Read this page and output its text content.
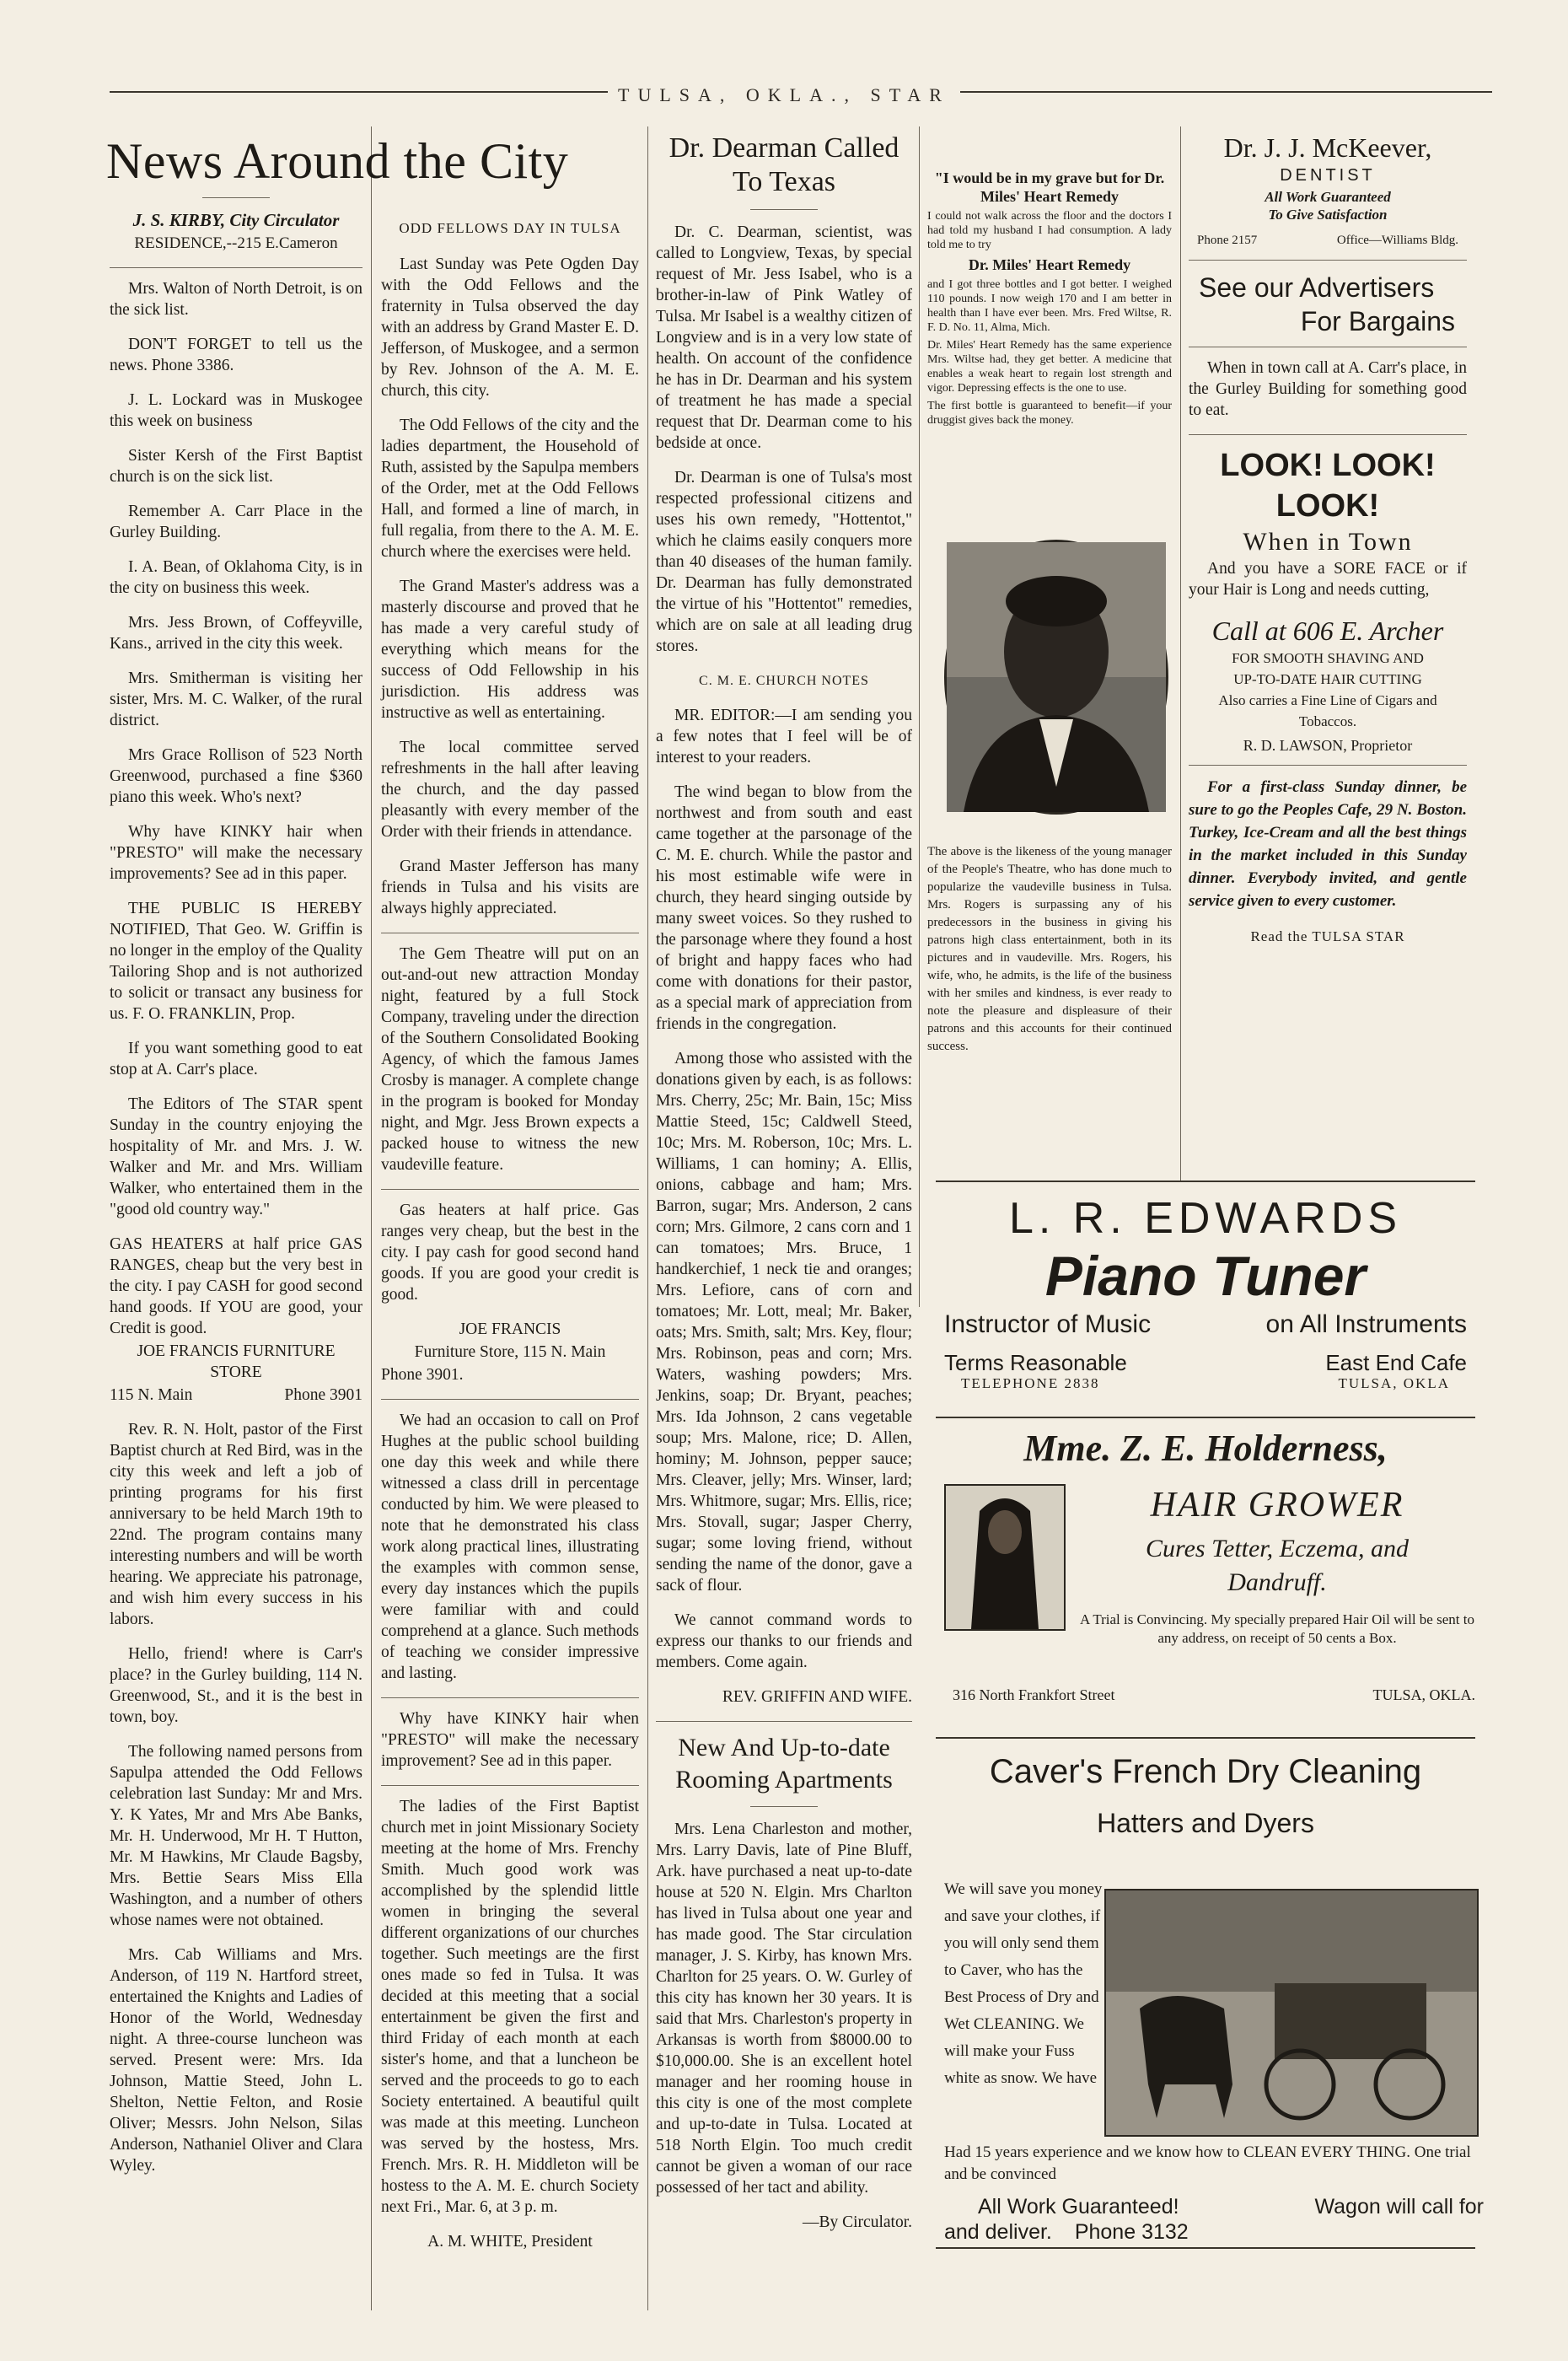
TULSA, OKLA., STAR
News Around the City

J. S. KIRBY, City Circulator

RESIDENCE,--215 E.Cameron

Mrs. Walton of North Detroit, is on the sick list.

DON'T FORGET to tell us the news. Phone 3386.

J. L. Lockard was in Muskogee this week on business

Sister Kersh of the First Baptist church is on the sick list.

Remember A. Carr Place in the Gurley Building.

I. A. Bean, of Oklahoma City, is in the city on business this week.

Mrs. Jess Brown, of Coffeyville, Kans., arrived in the city this week.

Mrs. Smitherman is visiting her sister, Mrs. M. C. Walker, of the rural district.

Mrs Grace Rollison of 523 North Greenwood, purchased a fine $360 piano this week. Who's next?

Why have KINKY hair when "PRESTO" will make the necessary improvements? See ad in this paper.

THE PUBLIC IS HEREBY NOTIFIED, That Geo. W. Griffin is no longer in the employ of the Quality Tailoring Shop and is not authorized to solicit or transact any business for us. F. O. FRANKLIN, Prop.

If you want something good to eat stop at A. Carr's place.

The Editors of The STAR spent Sunday in the country enjoying the hospitality of Mr. and Mrs. J. W. Walker and Mr. and Mrs. William Walker, who entertained them in the "good old country way."

GAS HEATERS at half price GAS RANGES, cheap but the very best in the city. I pay CASH for good second hand goods. If YOU are good, your Credit is good.

JOE FRANCIS FURNITURE STORE

115 N. Main	Phone 3901

Rev. R. N. Holt, pastor of the First Baptist church at Red Bird, was in the city this week and left a job of printing programs for his first anniversary to be held March 19th to 22nd. The program contains many interesting numbers and will be worth hearing. We appreciate his patronage, and wish him every success in his labors.

Hello, friend! where is Carr's place? in the Gurley building, 114 N. Greenwood, St., and it is the best in town, boy.

The following named persons from Sapulpa attended the Odd Fellows celebration last Sunday: Mr and Mrs. Y. K Yates, Mr and Mrs Abe Banks, Mr. H. Underwood, Mr H. T Hutton, Mr. M Hawkins, Mr Claude Bagsby, Mrs. Bettie Sears Miss Ella Washington, and a number of others whose names were not obtained.

Mrs. Cab Williams and Mrs. Anderson, of 119 N. Hartford street, entertained the Knights and Ladies of Honor of the World, Wednesday night. A three-course luncheon was served. Present were: Mrs. Ida Johnson, Mattie Steed, John L. Shelton, Nettie Felton, and Rosie Oliver; Messrs. John Nelson, Silas Anderson, Nathaniel Oliver and Clara Wyley.

ODD FELLOWS DAY IN TULSA

Last Sunday was Pete Ogden Day with the Odd Fellows and the fraternity in Tulsa observed the day with an address by Grand Master E. D. Jefferson, of Muskogee, and a sermon by Rev. Johnson of the A. M. E. church, this city.

The Odd Fellows of the city and the ladies department, the Household of Ruth, assisted by the Sapulpa members of the Order, met at the Odd Fellows Hall, and formed a line of march, in full regalia, from there to the A. M. E. church where the exercises were held.

The Grand Master's address was a masterly discourse and proved that he has made a very careful study of everything which means for the success of Odd Fellowship in his jurisdiction. His address was instructive as well as entertaining.

The local committee served refreshments in the hall after leaving the church, and the day passed pleasantly with every member of the Order with their friends in attendance.

Grand Master Jefferson has many friends in Tulsa and his visits are always highly appreciated.

The Gem Theatre will put on an out-and-out new attraction Monday night, featured by a full Stock Company, traveling under the direction of the Southern Consolidated Booking Agency, of which the famous James Crosby is manager. A complete change in the program is booked for Monday night, and Mgr. Jess Brown expects a packed house to witness the new vaudeville feature.

Gas heaters at half price. Gas ranges very cheap, but the best in the city. I pay cash for good second hand goods. If you are good your credit is good.

JOE FRANCIS

Furniture Store, 115 N. Main

Phone 3901.

We had an occasion to call on Prof Hughes at the public school building one day this week and while there witnessed a class drill in percentage conducted by him. We were pleased to note that he demonstrated his class work along practical lines, illustrating the examples with common sense, every day instances which the pupils were familiar with and could comprehend at a glance. Such methods of teaching we consider impressive and lasting.

Why have KINKY hair when "PRESTO" will make the necessary improvement? See ad in this paper.

The ladies of the First Baptist church met in joint Missionary Society meeting at the home of Mrs. Frenchy Smith. Much good work was accomplished by the splendid little women in bringing the several different organizations of our churches together. Such meetings are the first ones made so fed in Tulsa. It was decided at this meeting that a social entertainment be given the first and third Friday of each month at each sister's home, and that a luncheon be served and the proceeds to go to each Society entertained. A beautiful quilt was made at this meeting. Luncheon was served by the hostess, Mrs. French. Mrs. R. H. Middleton will be hostess to the A. M. E. church Society next Fri., Mar. 6, at 3 p. m.

A. M. WHITE, President

Dr. Dearman Called To Texas

Dr. C. Dearman, scientist, was called to Longview, Texas, by special request of Mr. Jess Isabel, who is a brother-in-law of Pink Watley of Tulsa. Mr Isabel is a wealthy citizen of Longview and is in a very low state of health. On account of the confidence he has in Dr. Dearman and his system of treatment he has made a special request that Dr. Dearman come to his bedside at once.

Dr. Dearman is one of Tulsa's most respected professional citizens and uses his own remedy, "Hottentot," which he claims easily conquers more than 40 diseases of the human family. Dr. Dearman has fully demonstrated the virtue of his "Hottentot" remedies, which are on sale at all leading drug stores.

C. M. E. CHURCH NOTES

MR. EDITOR:—I am sending you a few notes that I feel will be of interest to your readers.

The wind began to blow from the northwest and from south and east came together at the parsonage of the C. M. E. church. While the pastor and his most estimable wife were in church, they heard singing outside by many sweet voices. So they rushed to the parsonage where they found a host of bright and happy faces who had come with donations for their pastor, as a special mark of appreciation from friends in the congregation.

Among those who assisted with the donations given by each, is as follows: Mrs. Cherry, 25c; Mr. Bain, 15c; Miss Mattie Steed, 15c; Caldwell Steed, 10c; Mrs. M. Roberson, 10c; Mrs. L. Williams, 1 can hominy; A. Ellis, onions, cabbage and ham; Mrs. Barron, sugar; Mrs. Anderson, 2 cans corn; Mrs. Gilmore, 2 cans corn and 1 can tomatoes; Mrs. Bruce, 1 handkerchief, 1 neck tie and oranges; Mrs. Lefiore, cans of corn and tomatoes; Mr. Lott, meal; Mr. Baker, oats; Mrs. Smith, salt; Mrs. Key, flour; Mrs. Robinson, peas and corn; Mrs. Waters, washing powders; Mrs. Jenkins, soap; Dr. Bryant, peaches; Mrs. Ida Johnson, 2 cans vegetable soup; Mrs. Malone, rice; D. Allen, hominy; M. Johnson, pepper sauce; Mrs. Cleaver, jelly; Mrs. Winser, lard; Mrs. Whitmore, sugar; Mrs. Ellis, rice; Mrs. Stovall, sugar; Jasper Cherry, sugar; some loving friend, without sending the name of the donor, gave a sack of flour.

We cannot command words to express our thanks to our friends and members. Come again.

REV. GRIFFIN AND WIFE.

New And Up-to-date Rooming Apartments

Mrs. Lena Charleston and mother, Mrs. Larry Davis, late of Pine Bluff, Ark. have purchased a neat up-to-date house at 520 N. Elgin. Mrs Charlton has lived in Tulsa about one year and has made good. The Star circulation manager, J. S. Kirby, has known Mrs. Charlton for 25 years. O. W. Gurley of this city has known her 30 years. It is said that Mrs. Charleston's property in Arkansas is worth from $8000.00 to $10,000.00. She is an excellent hotel manager and her rooming house in this city is one of the most complete and up-to-date in Tulsa. Located at 518 North Elgin. Too much credit cannot be given a woman of our race possessed of her tact and ability.

—By Circulator.

"I would be in my grave but for Dr. Miles' Heart Remedy

I could not walk across the floor and the doctors I had told my husband I had consumption. A lady told me to try

Dr. Miles' Heart Remedy

and I got three bottles and I got better. I weighed 110 pounds. I now weigh 170 and I am better in health than I have ever been. Mrs. Fred Wiltse, R. F. D. No. 11, Alma, Mich.

Dr. Miles' Heart Remedy has the same experience Mrs. Wiltse had, they get better. A medicine that enables a weak heart to regain lost strength and vigor. Depressing effects is the one to use.

The first bottle is guaranteed to benefit—if your druggist gives back the money.

The above is the likeness of the young manager of the People's Theatre, who has done much to popularize the vaudeville business in Tulsa. Mrs. Rogers is surpassing any of his predecessors in the business in giving his patrons high class entertainment, both in its pictures and in vaudeville. Mrs. Rogers, his wife, who, he admits, is the life of the business with her smiles and kindness, is ever ready to note the pleasure and displeasure of their patrons and this accounts for their continued success.

Dr. J. J. McKeever,
DENTIST
All Work Guaranteed
To Give Satisfaction
Phone 2157	Office—Williams Bldg.
See our Advertisers
For Bargains

When in town call at A. Carr's place, in the Gurley Building for something good to eat.

LOOK! LOOK! LOOK!
When in Town

And you have a SORE FACE or if your Hair is Long and needs cutting,

Call at 606 E. Archer
FOR SMOOTH SHAVING AND
UP-TO-DATE HAIR CUTTING
Also carries a Fine Line of Cigars and Tobaccos.
R. D. LAWSON, Proprietor

For a first-class Sunday dinner, be sure to go the Peoples Cafe, 29 N. Boston. Turkey, Ice-Cream and all the best things in the market included in this Sunday dinner. Everybody invited, and gentle service given to every customer.

Read the TULSA STAR
L. R. EDWARDS
Piano Tuner
Instructor of Music	on All Instruments
Terms Reasonable	East End Cafe
TELEPHONE 2838	TULSA, OKLA
Mme. Z. E. Holderness,
HAIR GROWER
Cures Tetter, Eczema, and
Dandruff.
A Trial is Convincing. My specially prepared Hair Oil will be sent to any address, on receipt of 50 cents a Box.
316 North Frankfort Street	TULSA, OKLA.
Caver's French Dry Cleaning
Hatters and Dyers
We will save you money and save your clothes, if you will only send them to Caver, who has the Best Process of Dry and Wet CLEANING. We will make your Fuss white as snow. We have
Had 15 years experience and we know how to CLEAN EVERY THING. One trial and be convinced
All Work Guaranteed!	Wagon will call for
and deliver. Phone 3132
